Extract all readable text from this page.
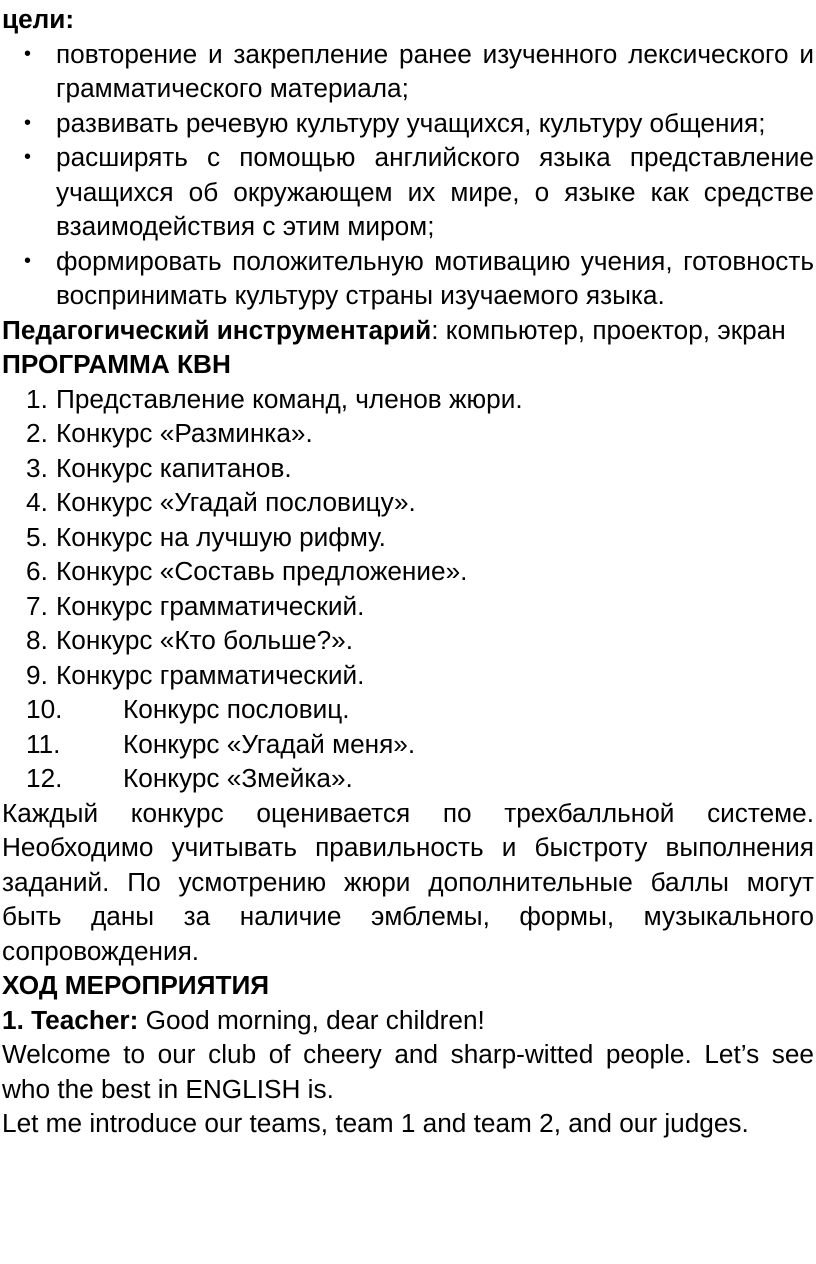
цели:

• повторение и закрепление ранее изученного лексического и грамматического материала;
• развивать речевую культуру учащихся, культуру общения;
• расширять с помощью английского языка представление учащихся об окружающем их мире, о языке как средстве взаимодействия с этим миром;
• формировать положительную мотивацию учения, готовность воспринимать культуру страны изучаемого языка.

Педагогический инструментарий: компьютер, проектор, экран

ПРОГРАММА КВН

1. Представление команд, членов жюри.
2. Конкурс «Разминка».
3. Конкурс капитанов.
4. Конкурс «Угадай пословицу».
5. Конкурс на лучшую рифму.
6. Конкурс «Составь предложение».
7. Конкурс грамматический.
8. Конкурс «Кто больше?».
9. Конкурс грамматический.
10. Конкурс пословиц.
11. Конкурс «Угадай меня».
12. Конкурс «Змейка».

Каждый конкурс оценивается по трехбалльной системе. Необходимо учитывать правильность и быстроту выполнения заданий. По усмотрению жюри дополнительные баллы могут быть даны за наличие эмблемы, формы, музыкального сопровождения.

ХОД МЕРОПРИЯТИЯ

1. Teacher: Good morning, dear children!

Welcome to our club of cheery and sharp-witted people. Let’s see who the best in ENGLISH is.

Let me introduce our teams, team 1 and team 2, and our judges.
